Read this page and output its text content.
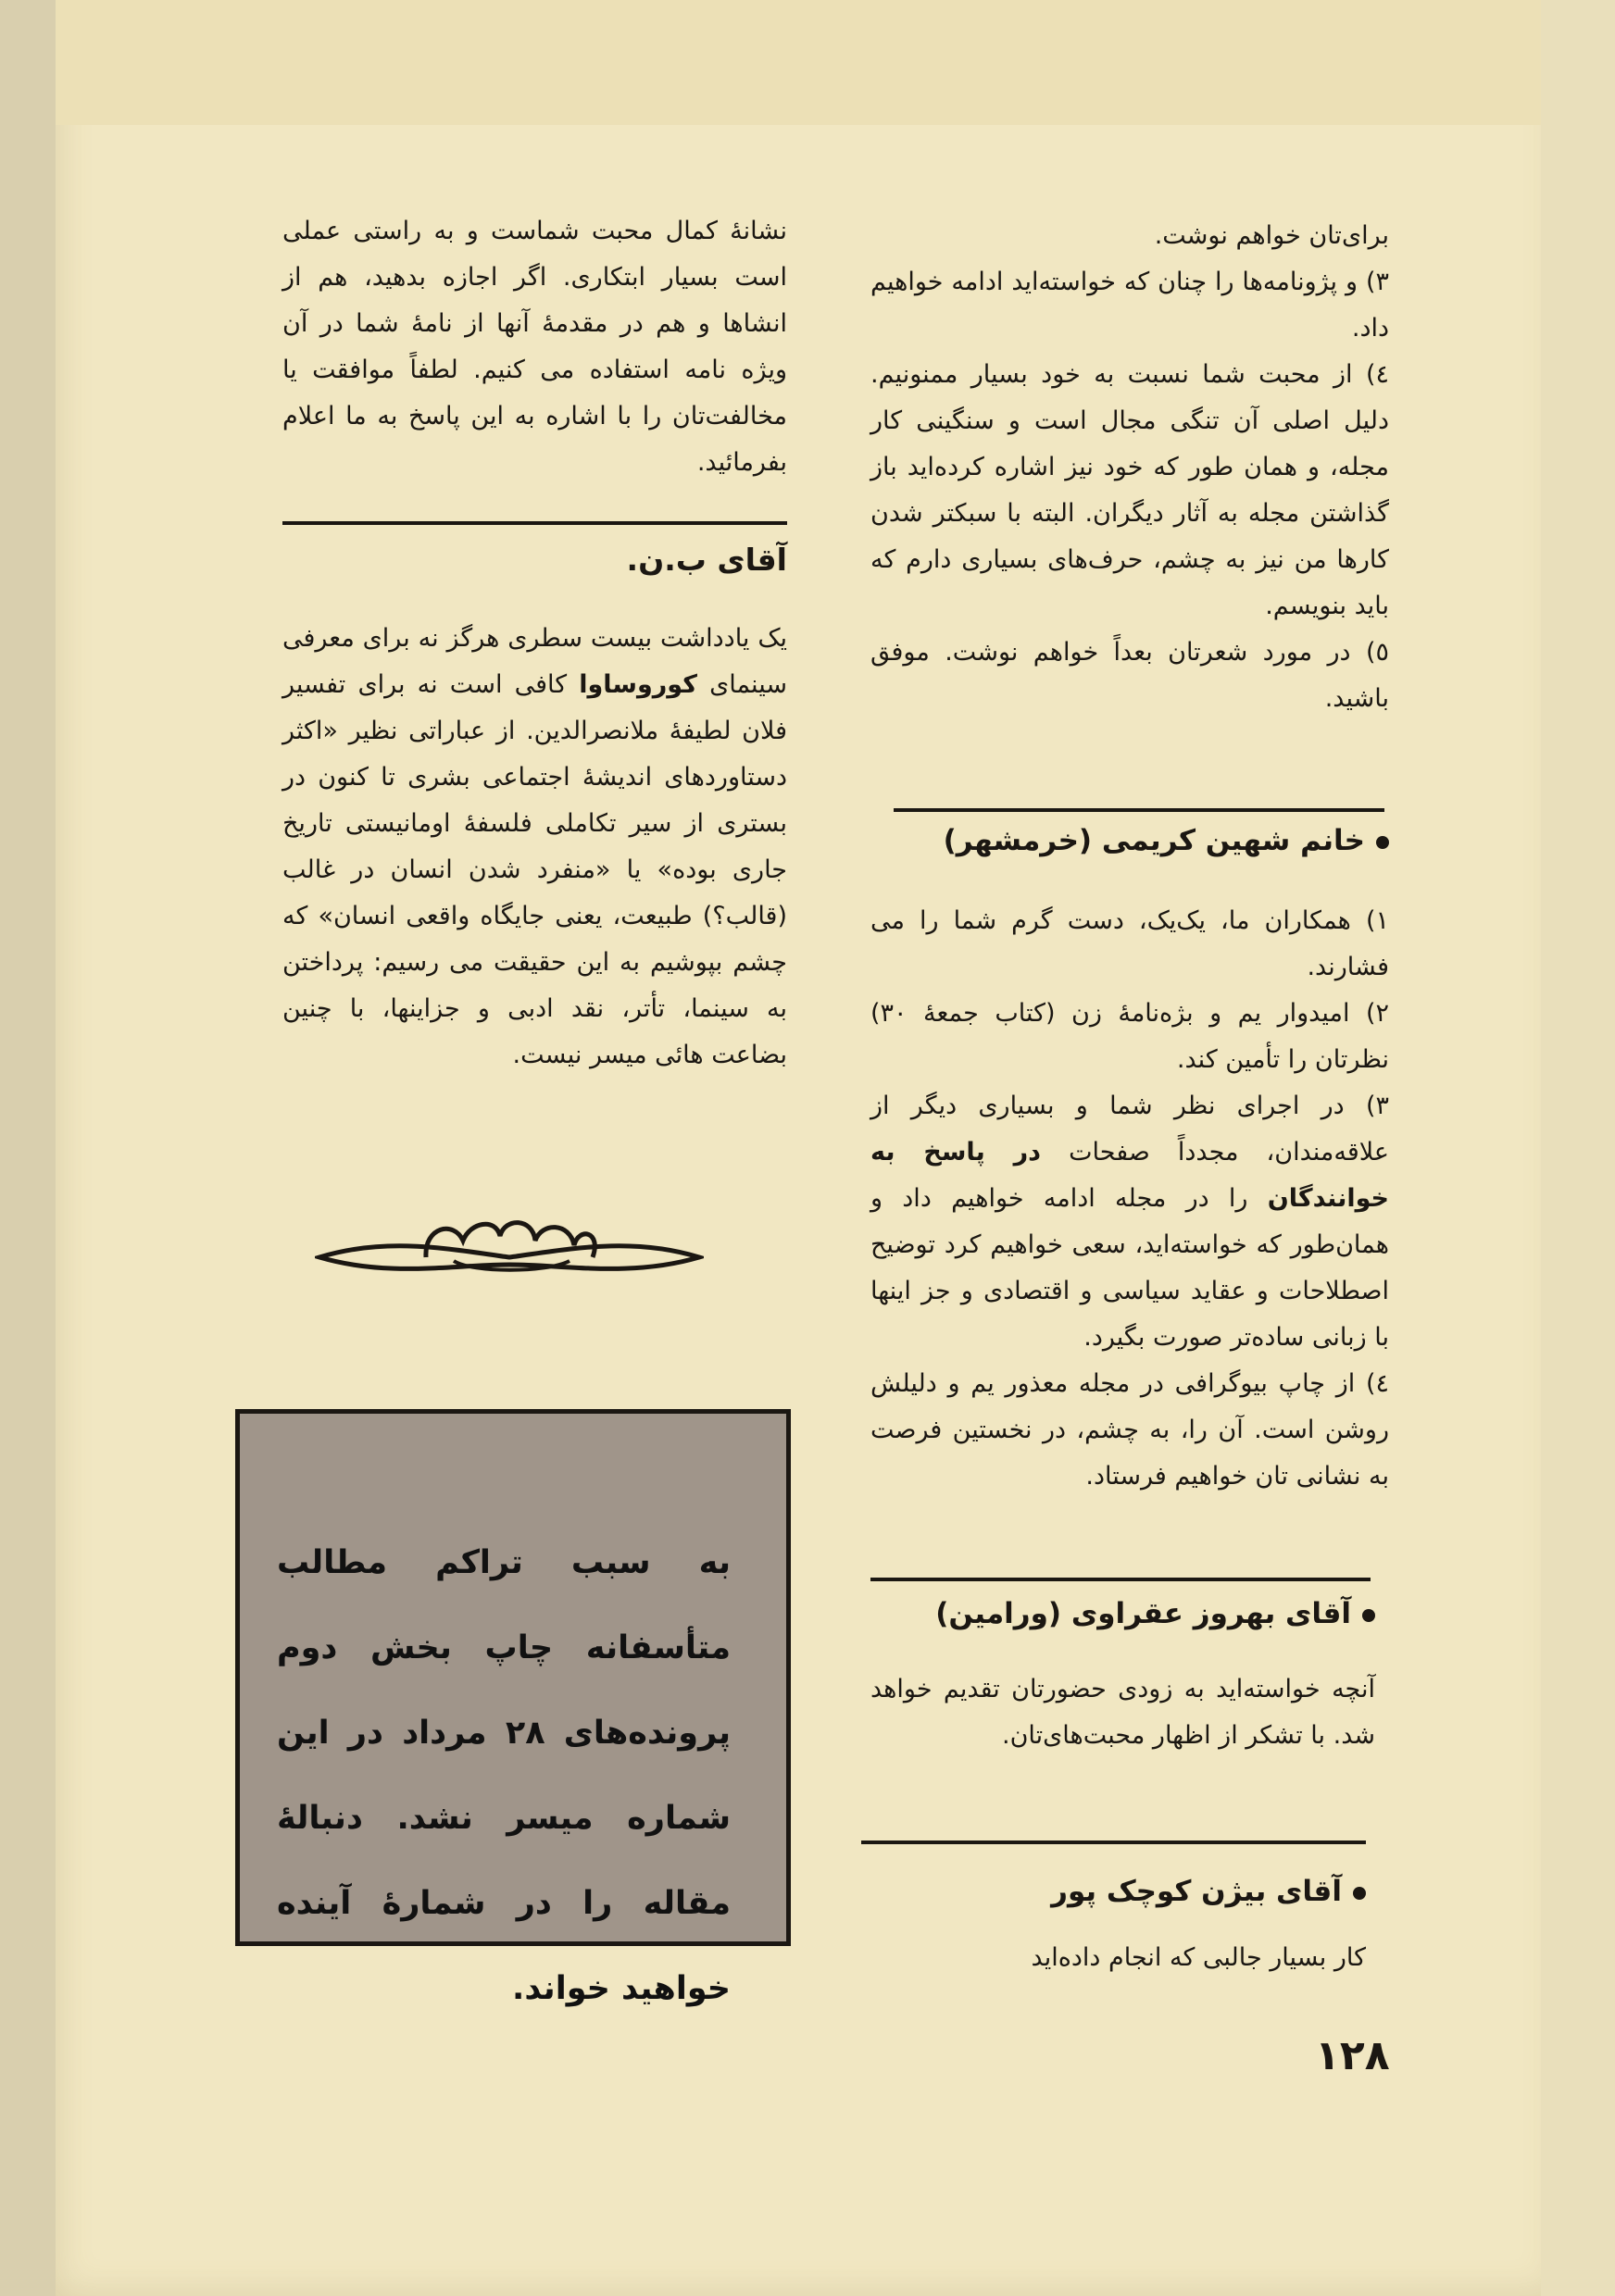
برای‌تان خواهم نوشت.

٣) و پژونامه‌ها را چنان که خواسته‌اید ادامه خواهیم داد.

٤) از محبت شما نسبت به خود بسیار ممنونیم. دلیل اصلی آن‌ تنگی مجال است و سنگینی کار مجله، و همان طور که خود نیز اشاره کرده‌اید باز گذاشتن مجله به آثار دیگران. البته با سبکتر شدن کارها من نیز به چشم، حرف‌های بسیاری دارم که باید بنویسم.

٥) در مورد شعرتان بعداً خواهم نوشت. موفق باشید.

خانم شهین کریمی (خرمشهر)

١) همکاران ما، یک‌یک، دست گرم شما را می فشارند.

٢) امیدوار یم و بژه‌نامهٔ زن (کتاب جمعهٔ ٣٠) نظرتان را تأمین کند.

٣) در اجرای نظر شما و بسیاری دیگر از علاقه‌مندان، مجدداً صفحات در پاسخ به خوانندگان را در مجله ادامه خواهیم داد و همان‌طور که خواسته‌اید، سعی خواهیم کرد توضیح اصطلاحات و عقاید سیاسی و اقتصادی و جز اینها با زبانی ساده‌تر صورت بگیرد.

٤) از چاپ بیوگرافی در مجله معذور یم و دلیلش روشن است. آن را، به چشم، در نخستین فرصت به نشانی تان خواهیم فرستاد.

آقای بهروز عقراوی (ورامین)

آنچه خواسته‌اید به زودی حضورتان تقدیم خواهد شد. با تشکر از اظهار محبت‌های‌تان.

آقای بیژن کوچک پور

کار بسیار جالبی که انجام داده‌اید

نشانهٔ کمال محبت شماست و به راستی عملی است بسیار ابتکاری. اگر اجازه بدهید، هم از انشاها و هم در مقدمهٔ آنها از نامهٔ شما در آن ویژه نامه استفاده می کنیم. لطفاً موافقت یا مخالفت‌تان را با اشاره به این پاسخ به ما اعلام بفرمائید.

آقای ب.ن.

یک یادداشت بیست سطری هرگز نه برای معرفی سینمای کوروساوا کافی است نه برای تفسیر فلان لطیفهٔ ملانصرالدین. از عباراتی نظیر «اکثر دستاوردهای اندیشهٔ اجتماعی بشری تا کنون در بستری از سیر تکاملی فلسفهٔ اومانیستی تاریخ جاری بوده» یا «منفرد شدن انسان در غالب (قالب؟) طبیعت، یعنی جایگاه واقعی انسان» که چشم بپوشیم به این حقیقت می رسیم: پرداختن به سینما، تأتر، نقد ادبی و جزاینها، با چنین بضاعت هائی میسر نیست.

به سبب تراکم مطالب متأسفانه چاپ بخش دوم پرونده‌های ٢٨ مرداد در این شماره میسر نشد. دنبالهٔ مقاله را در شمارهٔ آینده خواهید خواند.
١٢٨
